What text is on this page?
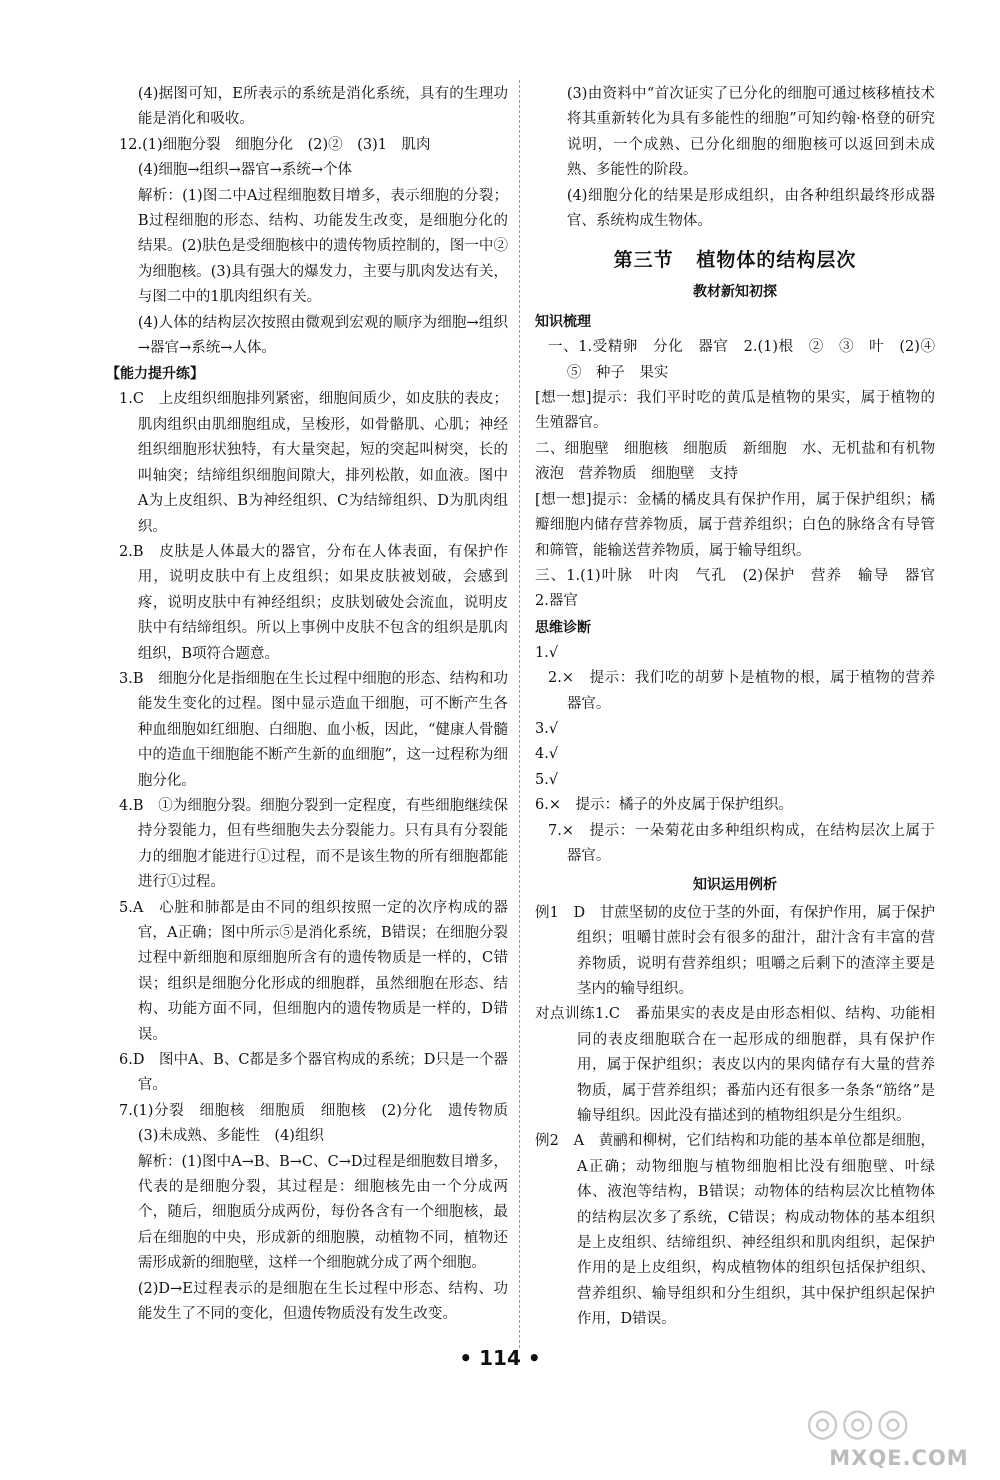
(4)据图可知，E所表示的系统是消化系统，具有的生理功能是消化和吸收。

12.(1)细胞分裂　细胞分化　(2)②　(3)1　肌肉

(4)细胞→组织→器官→系统→个体

解析：(1)图二中A过程细胞数目增多，表示细胞的分裂；B过程细胞的形态、结构、功能发生改变，是细胞分化的结果。(2)肤色是受细胞核中的遗传物质控制的，图一中②为细胞核。(3)具有强大的爆发力，主要与肌肉发达有关，与图二中的1肌肉组织有关。

(4)人体的结构层次按照由微观到宏观的顺序为细胞→组织→器官→系统→人体。

【能力提升练】

1.C　上皮组织细胞排列紧密，细胞间质少，如皮肤的表皮；肌肉组织由肌细胞组成，呈梭形，如骨骼肌、心肌；神经组织细胞形状独特，有大量突起，短的突起叫树突，长的叫轴突；结缔组织细胞间隙大，排列松散，如血液。图中A为上皮组织、B为神经组织、C为结缔组织、D为肌肉组织。

2.B　皮肤是人体最大的器官，分布在人体表面，有保护作用，说明皮肤中有上皮组织；如果皮肤被划破，会感到疼，说明皮肤中有神经组织；皮肤划破处会流血，说明皮肤中有结缔组织。所以上事例中皮肤不包含的组织是肌肉组织，B项符合题意。

3.B　细胞分化是指细胞在生长过程中细胞的形态、结构和功能发生变化的过程。图中显示造血干细胞，可不断产生各种血细胞如红细胞、白细胞、血小板，因此，“健康人骨髓中的造血干细胞能不断产生新的血细胞”，这一过程称为细胞分化。

4.B　①为细胞分裂。细胞分裂到一定程度，有些细胞继续保持分裂能力，但有些细胞失去分裂能力。只有具有分裂能力的细胞才能进行①过程，而不是该生物的所有细胞都能进行①过程。

5.A　心脏和肺都是由不同的组织按照一定的次序构成的器官，A正确；图中所示⑤是消化系统，B错误；在细胞分裂过程中新细胞和原细胞所含有的遗传物质是一样的，C错误；组织是细胞分化形成的细胞群，虽然细胞在形态、结构、功能方面不同，但细胞内的遗传物质是一样的，D错误。

6.D　图中A、B、C都是多个器官构成的系统；D只是一个器官。

7.(1)分裂　细胞核　细胞质　细胞核　(2)分化　遗传物质　(3)未成熟、多能性　(4)组织

解析：(1)图中A→B、B→C、C→D过程是细胞数目增多，代表的是细胞分裂，其过程是：细胞核先由一个分成两个，随后，细胞质分成两份，每份各含有一个细胞核，最后在细胞的中央，形成新的细胞膜，动植物不同，植物还需形成新的细胞壁，这样一个细胞就分成了两个细胞。

(2)D→E过程表示的是细胞在生长过程中形态、结构、功能发生了不同的变化，但遗传物质没有发生改变。

(3)由资料中“首次证实了已分化的细胞可通过核移植技术将其重新转化为具有多能性的细胞”可知约翰·格登的研究说明，一个成熟、已分化细胞的细胞核可以返回到未成熟、多能性的阶段。

(4)细胞分化的结果是形成组织，由各种组织最终形成器官、系统构成生物体。

第三节 植物体的结构层次
教材新知初探

知识梳理

一、1.受精卵　分化　器官　2.(1)根　②　③　叶　(2)④　⑤　种子　果实

[想一想]提示：我们平时吃的黄瓜是植物的果实，属于植物的生殖器官。

二、细胞壁　细胞核　细胞质　新细胞　水、无机盐和有机物　液泡　营养物质　细胞壁　支持

[想一想]提示：金橘的橘皮具有保护作用，属于保护组织；橘瓣细胞内储存营养物质，属于营养组织；白色的脉络含有导管和筛管，能输送营养物质，属于输导组织。

三、1.(1)叶脉　叶肉　气孔　(2)保护　营养　输导　器官　2.器官

思维诊断

1.√

2.×　提示：我们吃的胡萝卜是植物的根，属于植物的营养器官。

3.√

4.√

5.√

6.×　提示：橘子的外皮属于保护组织。

7.×　提示：一朵菊花由多种组织构成，在结构层次上属于器官。

知识运用例析

例1　D　甘蔗坚韧的皮位于茎的外面，有保护作用，属于保护组织；咀嚼甘蔗时会有很多的甜汁，甜汁含有丰富的营养物质，说明有营养组织；咀嚼之后剩下的渣滓主要是茎内的输导组织。

对点训练1.C　番茄果实的表皮是由形态相似、结构、功能相同的表皮细胞联合在一起形成的细胞群，具有保护作用，属于保护组织；表皮以内的果肉储存有大量的营养物质，属于营养组织；番茄内还有很多一条条“筋络”是输导组织。因此没有描述到的植物组织是分生组织。

例2　A　黄鹂和柳树，它们结构和功能的基本单位都是细胞，A正确；动物细胞与植物细胞相比没有细胞壁、叶绿体、液泡等结构，B错误；动物体的结构层次比植物体的结构层次多了系统，C错误；构成动物体的基本组织是上皮组织、结缔组织、神经组织和肌肉组织，起保护作用的是上皮组织，构成植物体的组织包括保护组织、营养组织、输导组织和分生组织，其中保护组织起保护作用，D错误。

• 114 •
◎◎◎
MXQE.COM
